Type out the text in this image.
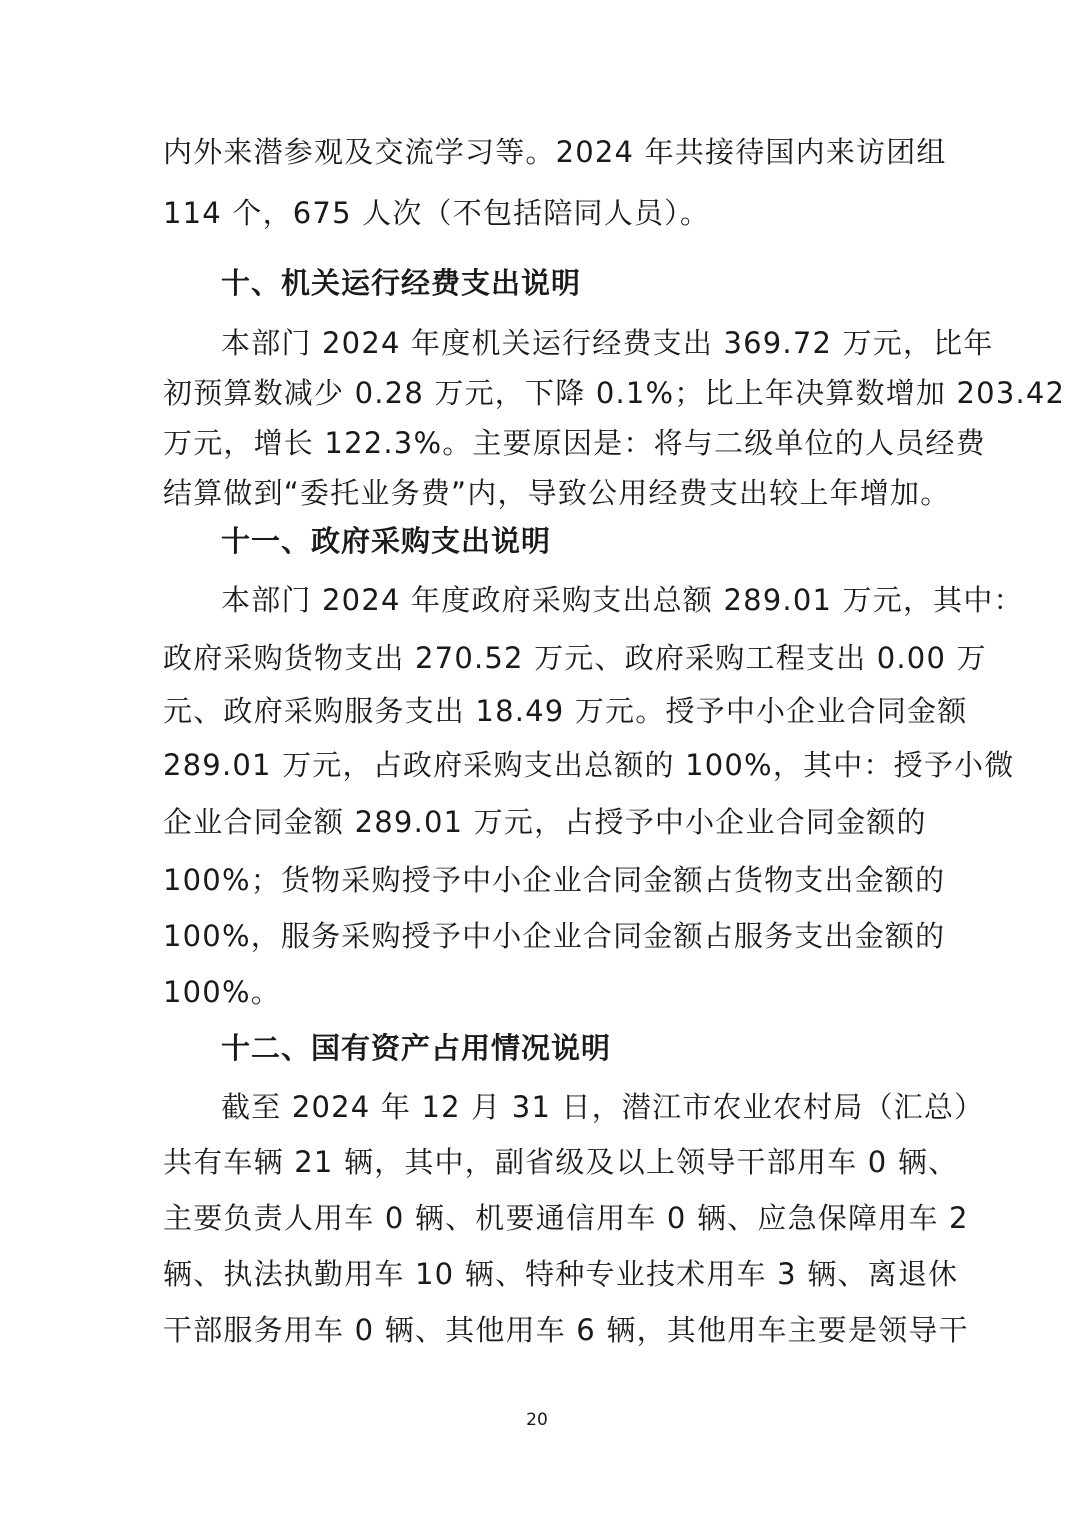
内外来潜参观及交流学习等。2024 年共接待国内来访团组
114 个，675 人次（不包括陪同人员）。
十、机关运行经费支出说明
本部门 2024 年度机关运行经费支出 369.72 万元，比年
初预算数减少 0.28 万元，下降 0.1%；比上年决算数增加 203.42
万元，增长 122.3%。主要原因是：将与二级单位的人员经费
结算做到“委托业务费”内，导致公用经费支出较上年增加。
十一、政府采购支出说明
本部门 2024 年度政府采购支出总额 289.01 万元，其中：
政府采购货物支出 270.52 万元、政府采购工程支出 0.00 万
元、政府采购服务支出 18.49 万元。授予中小企业合同金额
289.01 万元，占政府采购支出总额的 100%，其中：授予小微
企业合同金额 289.01 万元，占授予中小企业合同金额的
100%；货物采购授予中小企业合同金额占货物支出金额的
100%，服务采购授予中小企业合同金额占服务支出金额的
100%。
十二、国有资产占用情况说明
截至 2024 年 12 月 31 日，潜江市农业农村局（汇总）
共有车辆 21 辆，其中，副省级及以上领导干部用车 0 辆、
主要负责人用车 0 辆、机要通信用车 0 辆、应急保障用车 2
辆、执法执勤用车 10 辆、特种专业技术用车 3 辆、离退休
干部服务用车 0 辆、其他用车 6 辆，其他用车主要是领导干
20
